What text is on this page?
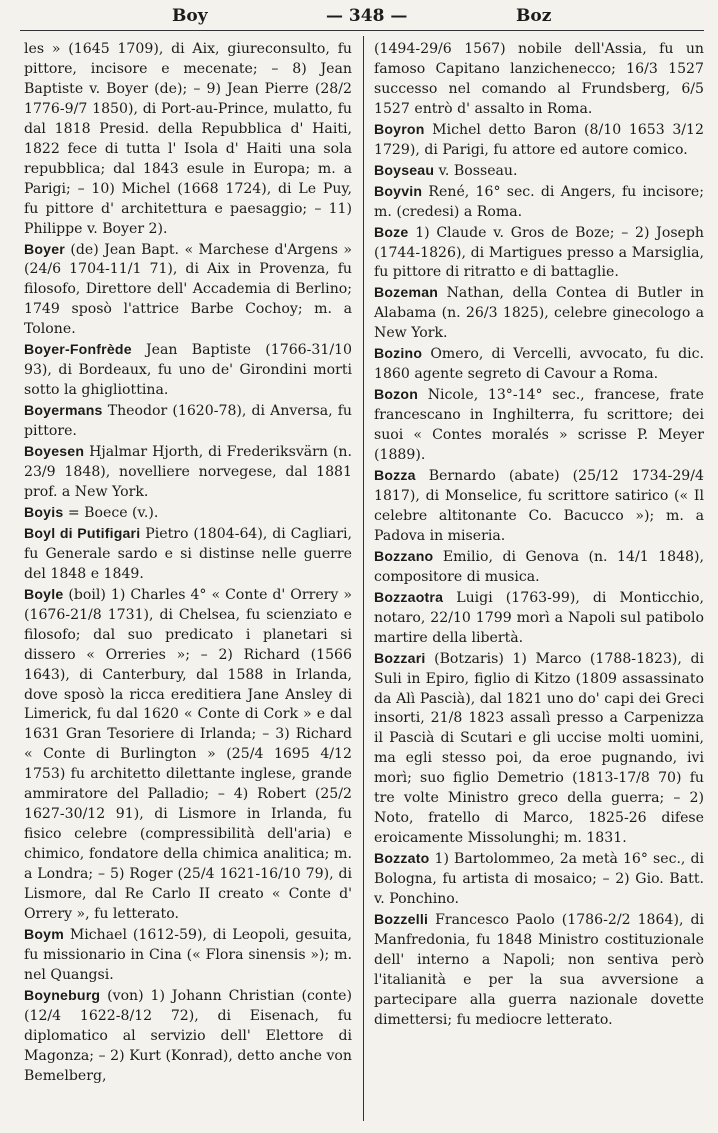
Boy	— 348 —	Boz

les » (1645 1709), di Aix, giureconsulto, fu pittore, incisore e mecenate; – 8) Jean Baptiste v. Boyer (de); – 9) Jean Pierre (28/2 1776-9/7 1850), di Port-au-Prince, mulatto, fu dal 1818 Presid. della Repubblica d' Haiti, 1822 fece di tutta l' Isola d' Haiti una sola repubblica; dal 1843 esule in Europa; m. a Parigi; – 10) Michel (1668 1724), di Le Puy, fu pittore d' architettura e paesaggio; – 11) Philippe v. Boyer 2).

Boyer (de) Jean Bapt. « Marchese d'Argens » (24/6 1704-11/1 71), di Aix in Provenza, fu filosofo, Direttore dell' Accademia di Berlino; 1749 sposò l'attrice Barbe Cochoy; m. a Tolone.

Boyer-Fonfrède Jean Baptiste (1766-31/10 93), di Bordeaux, fu uno de' Girondini morti sotto la ghigliottina.

Boyermans Theodor (1620-78), di Anversa, fu pittore.

Boyesen Hjalmar Hjorth, di Frederiksvärn (n. 23/9 1848), novelliere norvegese, dal 1881 prof. a New York.

Boyis = Boece (v.).

Boyl di Putifigari Pietro (1804-64), di Cagliari, fu Generale sardo e si distinse nelle guerre del 1848 e 1849.

Boyle (boil) 1) Charles 4° « Conte d' Orrery » (1676-21/8 1731), di Chelsea, fu scienziato e filosofo; dal suo predicato i planetari si dissero « Orreries »; – 2) Richard (1566 1643), di Canterbury, dal 1588 in Irlanda, dove sposò la ricca ereditiera Jane Ansley di Limerick, fu dal 1620 « Conte di Cork » e dal 1631 Gran Tesoriere di Irlanda; – 3) Richard « Conte di Burlington » (25/4 1695 4/12 1753) fu architetto dilettante inglese, grande ammiratore del Palladio; – 4) Robert (25/2 1627-30/12 91), di Lismore in Irlanda, fu fisico celebre (compressibilità dell'aria) e chimico, fondatore della chimica analitica; m. a Londra; – 5) Roger (25/4 1621-16/10 79), di Lismore, dal Re Carlo II creato « Conte d' Orrery », fu letterato.

Boym Michael (1612-59), di Leopoli, gesuita, fu missionario in Cina (« Flora sinensis »); m. nel Quangsi.

Boyneburg (von) 1) Johann Christian (conte) (12/4 1622-8/12 72), di Eisenach, fu diplomatico al servizio dell' Elettore di Magonza; – 2) Kurt (Konrad), detto anche von Bemelberg,

(1494-29/6 1567) nobile dell'Assia, fu un famoso Capitano lanzichenecco; 16/3 1527 successo nel comando al Frundsberg, 6/5 1527 entrò d' assalto in Roma.

Boyron Michel detto Baron (8/10 1653 3/12 1729), di Parigi, fu attore ed autore comico.

Boyseau v. Bosseau.

Boyvin René, 16° sec. di Angers, fu incisore; m. (credesi) a Roma.

Boze 1) Claude v. Gros de Boze; – 2) Joseph (1744-1826), di Martigues presso a Marsiglia, fu pittore di ritratto e di battaglie.

Bozeman Nathan, della Contea di Butler in Alabama (n. 26/3 1825), celebre ginecologo a New York.

Bozino Omero, di Vercelli, avvocato, fu dic. 1860 agente segreto di Cavour a Roma.

Bozon Nicole, 13°-14° sec., francese, frate francescano in Inghilterra, fu scrittore; dei suoi « Contes moralés » scrisse P. Meyer (1889).

Bozza Bernardo (abate) (25/12 1734-29/4 1817), di Monselice, fu scrittore satirico (« Il celebre altitonante Co. Bacucco »); m. a Padova in miseria.

Bozzano Emilio, di Genova (n. 14/1 1848), compositore di musica.

Bozzaotra Luigi (1763-99), di Monticchio, notaro, 22/10 1799 morì a Napoli sul patibolo martire della libertà.

Bozzari (Botzaris) 1) Marco (1788-1823), di Suli in Epiro, figlio di Kitzo (1809 assassinato da Alì Pascià), dal 1821 uno do' capi dei Greci insorti, 21/8 1823 assalì presso a Carpenizza il Pascià di Scutari e gli uccise molti uomini, ma egli stesso poi, da eroe pugnando, ivi morì; suo figlio Demetrio (1813-17/8 70) fu tre volte Ministro greco della guerra; – 2) Noto, fratello di Marco, 1825-26 difese eroicamente Missolunghi; m. 1831.

Bozzato 1) Bartolommeo, 2a metà 16° sec., di Bologna, fu artista di mosaico; – 2) Gio. Batt. v. Ponchino.

Bozzelli Francesco Paolo (1786-2/2 1864), di Manfredonia, fu 1848 Ministro costituzionale dell' interno a Napoli; non sentiva però l'italianità e per la sua avversione a partecipare alla guerra nazionale dovette dimettersi; fu mediocre letterato.
